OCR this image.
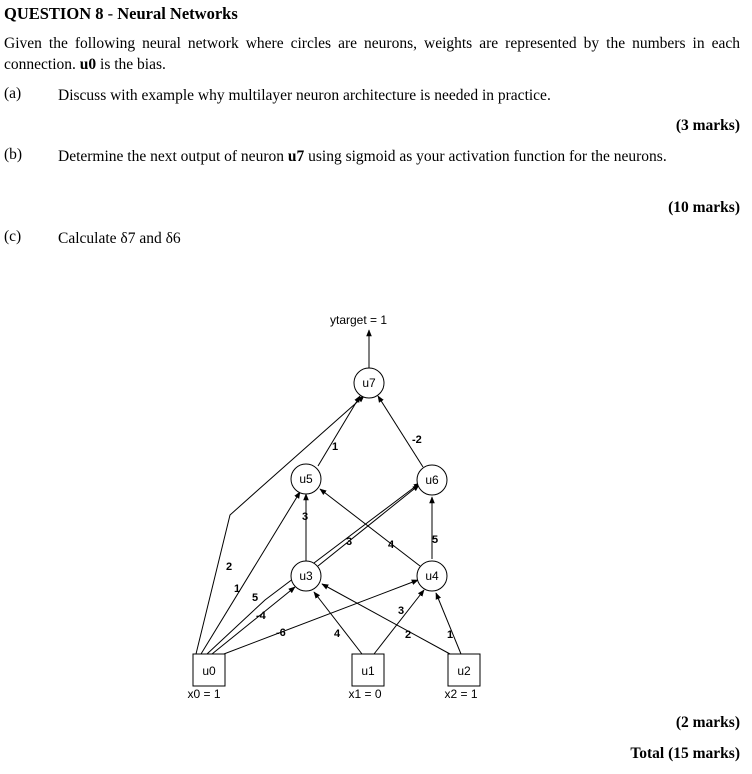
QUESTION 8 - Neural Networks
Given the following neural network where circles are neurons, weights are represented by the numbers in each connection. u0 is the bias.
(a) Discuss with example why multilayer neuron architecture is needed in practice.
(3 marks)
(b) Determine the next output of neuron u7 using sigmoid as your activation function for the neurons.
(10 marks)
(c) Calculate δ7 and δ6
ytarget = 1
u7
u6
u5
u4
u3
u0	u1	u2
x0 = 1	x1 = 0	x2 = 1
1
-2
2
1
5
-4
-6
3
3	4	5
4
3
2	1
(2 marks)
Total (15 marks)
